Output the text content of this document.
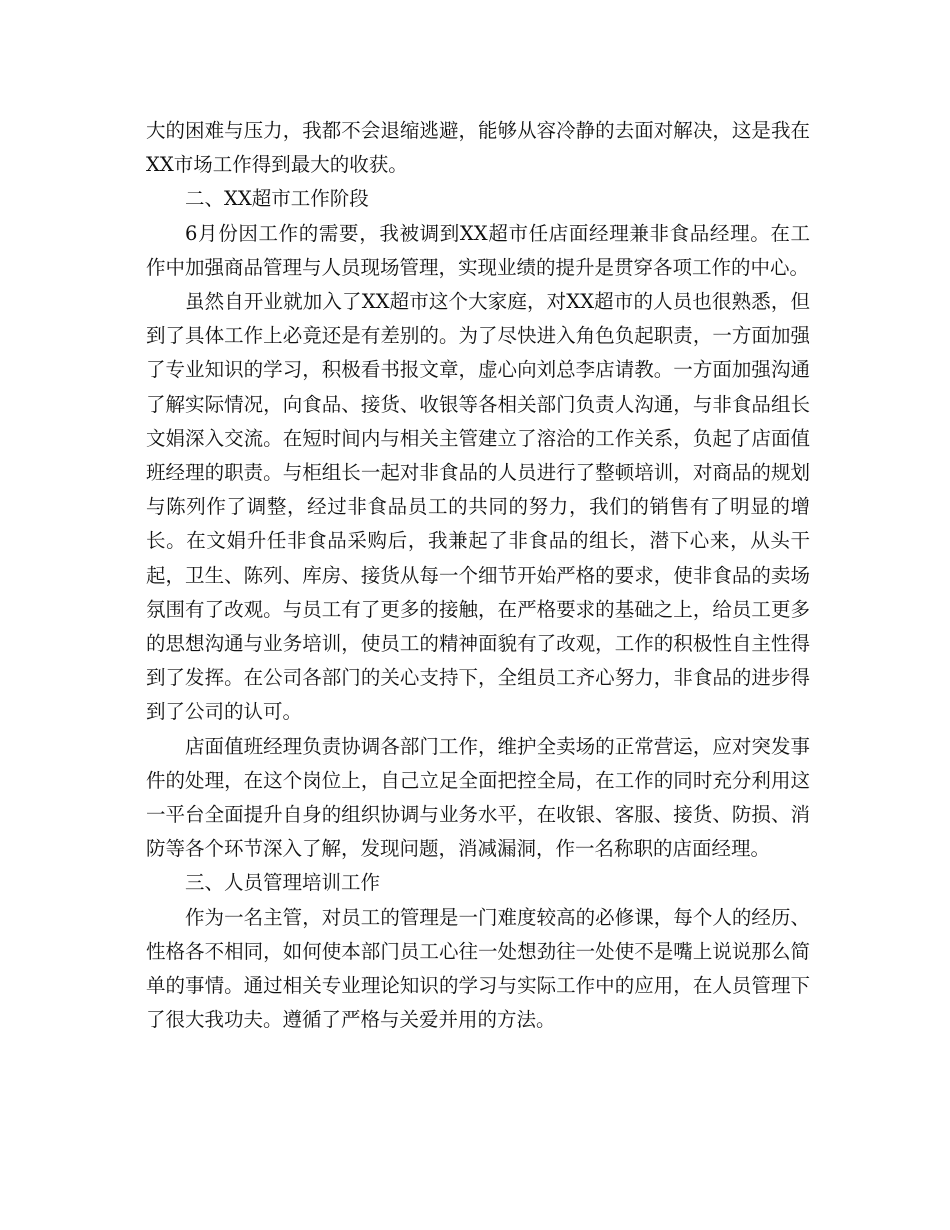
大的困难与压力，我都不会退缩逃避，能够从容冷静的去面对解决，这是我在XX市场工作得到最大的收获。

二、XX超市工作阶段

6月份因工作的需要，我被调到XX超市任店面经理兼非食品经理。在工作中加强商品管理与人员现场管理，实现业绩的提升是贯穿各项工作的中心。

虽然自开业就加入了XX超市这个大家庭，对XX超市的人员也很熟悉，但到了具体工作上必竟还是有差别的。为了尽快进入角色负起职责，一方面加强了专业知识的学习，积极看书报文章，虚心向刘总李店请教。一方面加强沟通了解实际情况，向食品、接货、收银等各相关部门负责人沟通，与非食品组长文娟深入交流。在短时间内与相关主管建立了溶洽的工作关系，负起了店面值班经理的职责。与柜组长一起对非食品的人员进行了整顿培训，对商品的规划与陈列作了调整，经过非食品员工的共同的努力，我们的销售有了明显的增长。在文娟升任非食品采购后，我兼起了非食品的组长，潜下心来，从头干起，卫生、陈列、库房、接货从每一个细节开始严格的要求，使非食品的卖场氛围有了改观。与员工有了更多的接触，在严格要求的基础之上，给员工更多的思想沟通与业务培训，使员工的精神面貌有了改观，工作的积极性自主性得到了发挥。在公司各部门的关心支持下，全组员工齐心努力，非食品的进步得到了公司的认可。

店面值班经理负责协调各部门工作，维护全卖场的正常营运，应对突发事件的处理，在这个岗位上，自己立足全面把控全局，在工作的同时充分利用这一平台全面提升自身的组织协调与业务水平，在收银、客服、接货、防损、消防等各个环节深入了解，发现问题，消减漏洞，作一名称职的店面经理。

三、人员管理培训工作

作为一名主管，对员工的管理是一门难度较高的必修课，每个人的经历、性格各不相同，如何使本部门员工心往一处想劲往一处使不是嘴上说说那么简单的事情。通过相关专业理论知识的学习与实际工作中的应用，在人员管理下了很大我功夫。遵循了严格与关爱并用的方法。
